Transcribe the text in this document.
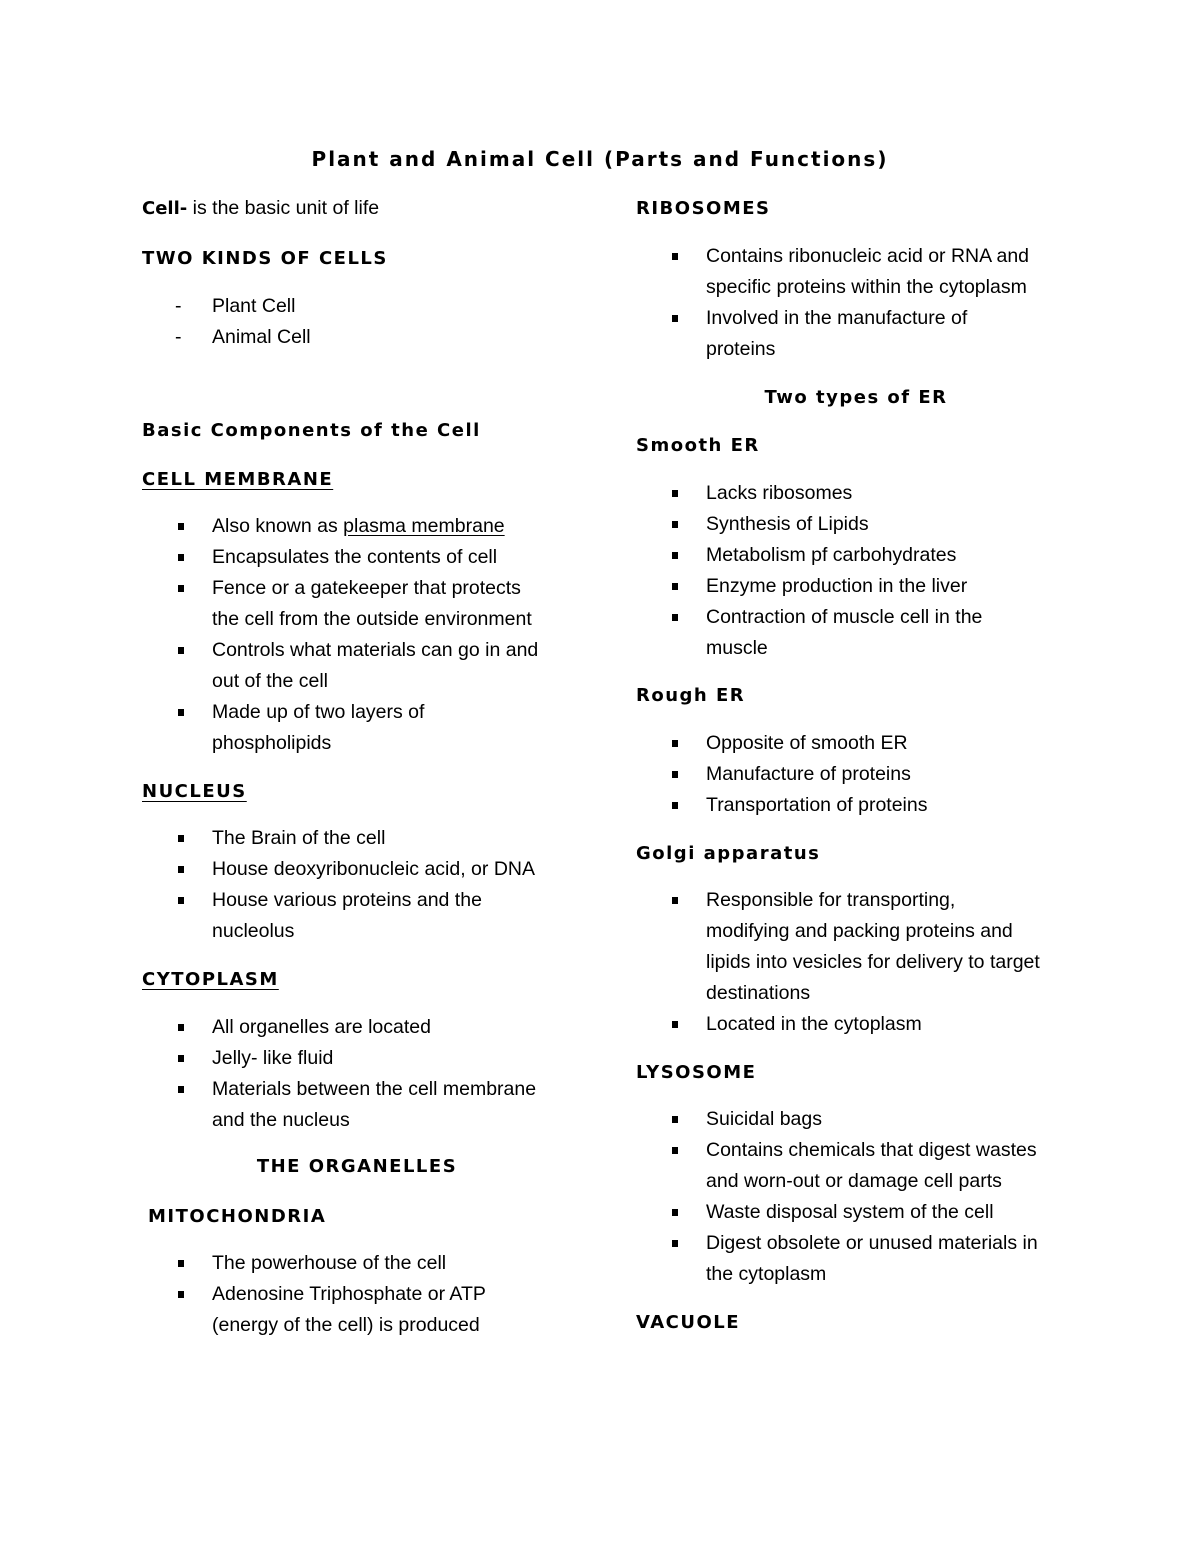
Plant and Animal Cell (Parts and Functions)

Cell- is the basic unit of life

TWO KINDS OF CELLS

- Plant Cell
- Animal Cell

Basic Components of the Cell

CELL MEMBRANE

Also known as plasma membrane
Encapsulates the contents of cell
Fence or a gatekeeper that protects
the cell from the outside environment
Controls what materials can go in and
out of the cell
Made up of two layers of
phospholipids

NUCLEUS

The Brain of the cell
House deoxyribonucleic acid, or DNA
House various proteins and the
nucleolus

CYTOPLASM

All organelles are located
Jelly- like fluid
Materials between the cell membrane
and the nucleus

THE ORGANELLES

MITOCHONDRIA

The powerhouse of the cell
Adenosine Triphosphate or ATP
(energy of the cell) is produced

RIBOSOMES

Contains ribonucleic acid or RNA and
specific proteins within the cytoplasm
Involved in the manufacture of
proteins

Two types of ER

Smooth ER

Lacks ribosomes
Synthesis of Lipids
Metabolism pf carbohydrates
Enzyme production in the liver
Contraction of muscle cell in the
muscle

Rough ER

Opposite of smooth ER
Manufacture of proteins
Transportation of proteins

Golgi apparatus

Responsible for transporting,
modifying and packing proteins and
lipids into vesicles for delivery to target
destinations
Located in the cytoplasm

LYSOSOME

Suicidal bags
Contains chemicals that digest wastes
and worn-out or damage cell parts
Waste disposal system of the cell
Digest obsolete or unused materials in
the cytoplasm

VACUOLE
